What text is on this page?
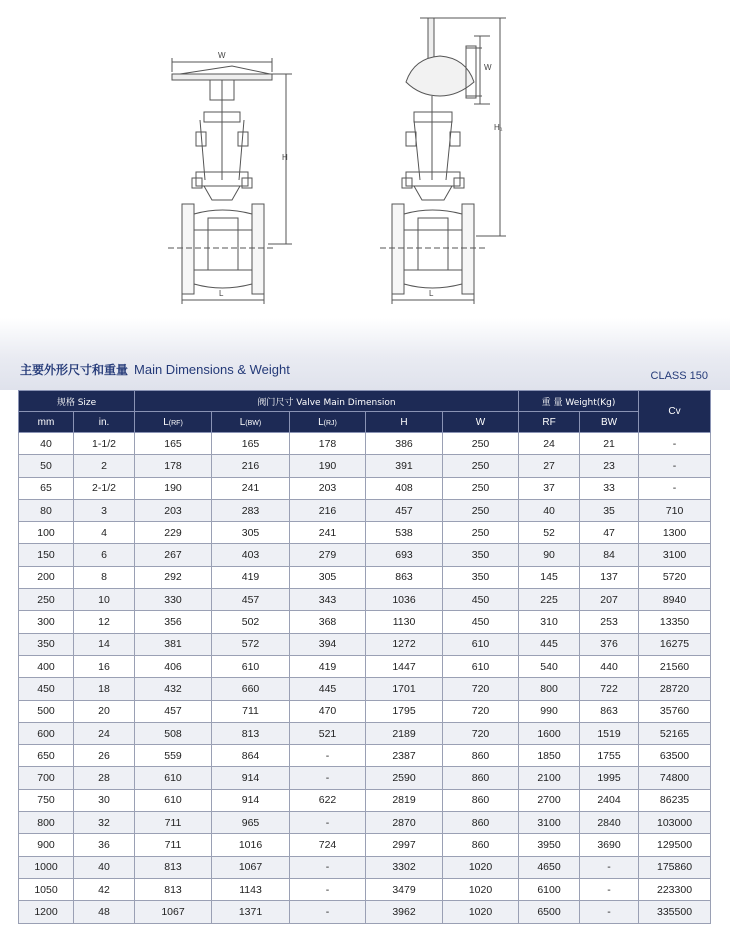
W
H
L
W
H₁
L
主要外形尺寸和重量 Main Dimensions & Weight	CLASS 150
规格 Size		阀门尺寸 Valve Main Dimension					重 量 Weight(Kg)		Cv
mm	in.	L(RF)	L(BW)	L(RJ)	H	W	RF	BW	
40	1-1/2	165	165	178	386	250	24	21	-
50	2	178	216	190	391	250	27	23	-
65	2-1/2	190	241	203	408	250	37	33	-
80	3	203	283	216	457	250	40	35	710
100	4	229	305	241	538	250	52	47	1300
150	6	267	403	279	693	350	90	84	3100
200	8	292	419	305	863	350	145	137	5720
250	10	330	457	343	1036	450	225	207	8940
300	12	356	502	368	1130	450	310	253	13350
350	14	381	572	394	1272	610	445	376	16275
400	16	406	610	419	1447	610	540	440	21560
450	18	432	660	445	1701	720	800	722	28720
500	20	457	711	470	1795	720	990	863	35760
600	24	508	813	521	2189	720	1600	1519	52165
650	26	559	864	-	2387	860	1850	1755	63500
700	28	610	914	-	2590	860	2100	1995	74800
750	30	610	914	622	2819	860	2700	2404	86235
800	32	711	965	-	2870	860	3100	2840	103000
900	36	711	1016	724	2997	860	3950	3690	129500
1000	40	813	1067	-	3302	1020	4650	-	175860
1050	42	813	1143	-	3479	1020	6100	-	223300
1200	48	1067	1371	-	3962	1020	6500	-	335500
